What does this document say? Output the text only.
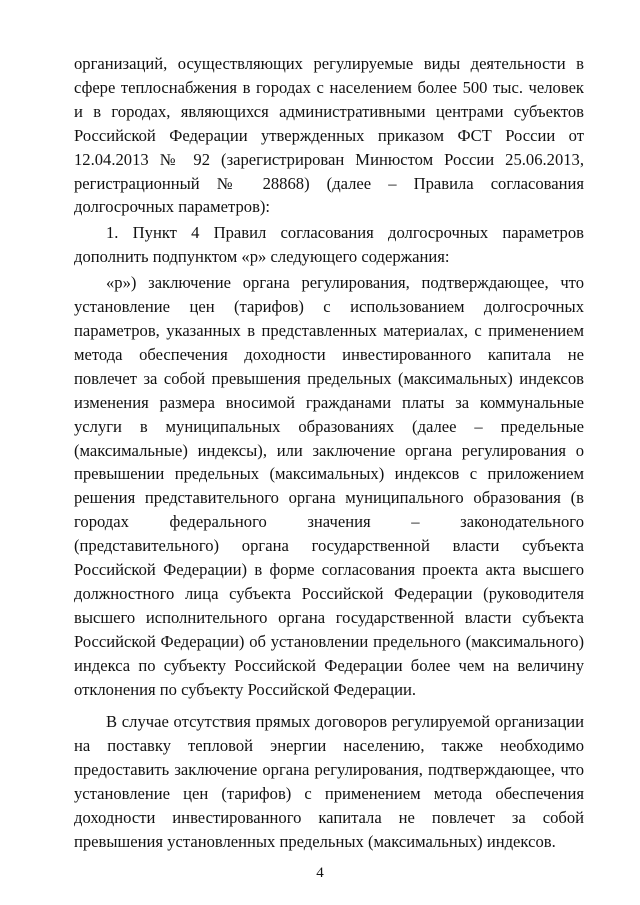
организаций, осуществляющих регулируемые виды деятельности в сфере теплоснабжения в городах с населением более 500 тыс. человек и в городах, являющихся административными центрами субъектов Российской Федерации утвержденных приказом ФСТ России от 12.04.2013 № 92 (зарегистрирован Минюстом России 25.06.2013, регистрационный № 28868) (далее – Правила согласования долгосрочных параметров):

1. Пункт 4 Правил согласования долгосрочных параметров дополнить подпунктом «р» следующего содержания:

«р») заключение органа регулирования, подтверждающее, что установление цен (тарифов) с использованием долгосрочных параметров, указанных в представленных материалах, с применением метода обеспечения доходности инвестированного капитала не повлечет за собой превышения предельных (максимальных) индексов изменения размера вносимой гражданами платы за коммунальные услуги в муниципальных образованиях (далее – предельные (максимальные) индексы), или заключение органа регулирования о превышении предельных (максимальных) индексов с приложением решения представительного органа муниципального образования (в городах федерального значения – законодательного (представительного) органа государственной власти субъекта Российской Федерации) в форме согласования проекта акта высшего должностного лица субъекта Российской Федерации (руководителя высшего исполнительного органа государственной власти субъекта Российской Федерации) об установлении предельного (максимального) индекса по субъекту Российской Федерации более чем на величину отклонения по субъекту Российской Федерации.

В случае отсутствия прямых договоров регулируемой организации на поставку тепловой энергии населению, также необходимо предоставить заключение органа регулирования, подтверждающее, что установление цен (тарифов) с применением метода обеспечения доходности инвестированного капитала не повлечет за собой превышения установленных предельных (максимальных) индексов.

4
